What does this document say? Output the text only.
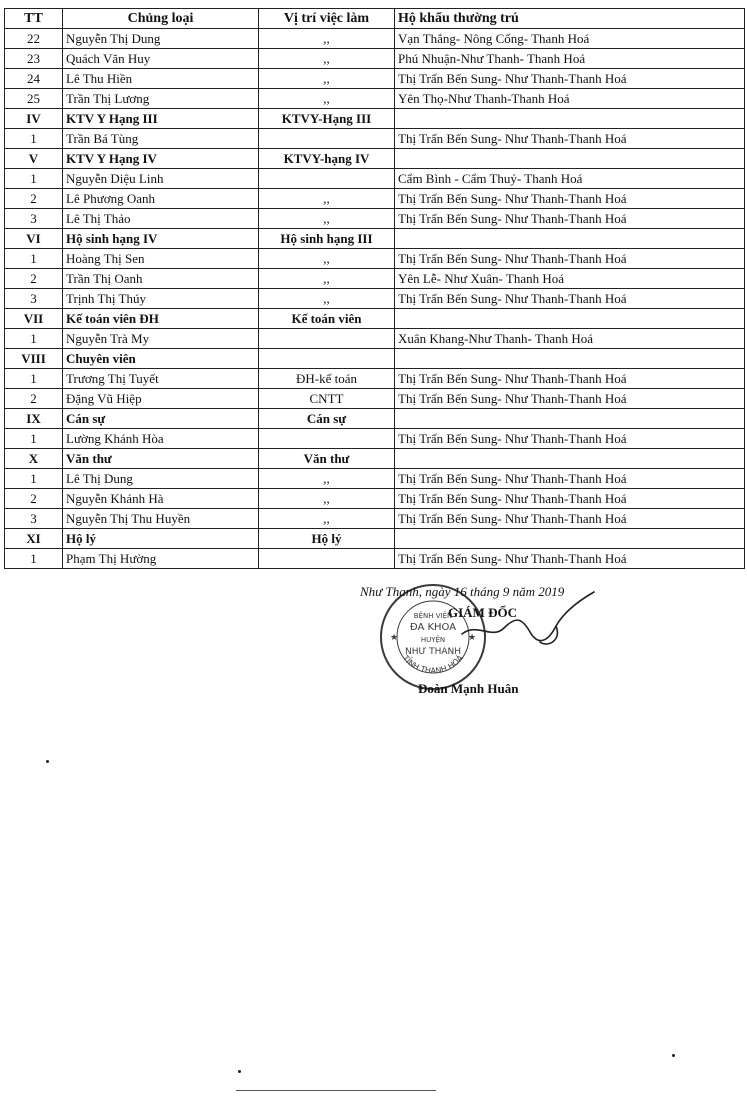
TT	Chủng loại	Vị trí việc làm	Hộ khẩu thường trú
22	Nguyễn Thị Dung	,,	Vạn Thắng- Nông Cống- Thanh Hoá
23	Quách Văn Huy	,,	Phú Nhuận-Như Thanh- Thanh Hoá
24	Lê Thu Hiền	,,	Thị Trấn Bến Sung- Như Thanh-Thanh Hoá
25	Trần Thị Lương	,,	Yên Thọ-Như Thanh-Thanh Hoá
IV	KTV Y Hạng III	KTVY-Hạng III	
1	Trần Bá Tùng		Thị Trấn Bến Sung- Như Thanh-Thanh Hoá
V	KTV Y Hạng IV	KTVY-hạng IV	
1	Nguyễn Diệu Linh		Cẩm Bình - Cẩm Thuỷ- Thanh Hoá
2	Lê Phương Oanh	,,	Thị Trấn Bến Sung- Như Thanh-Thanh Hoá
3	Lê Thị Thảo	,,	Thị Trấn Bến Sung- Như Thanh-Thanh Hoá
VI	Hộ sinh hạng IV	Hộ sinh hạng III	
1	Hoàng Thị Sen	,,	Thị Trấn Bến Sung- Như Thanh-Thanh Hoá
2	Trần Thị Oanh	,,	Yên Lễ- Như Xuân- Thanh Hoá
3	Trịnh Thị Thúy	,,	Thị Trấn Bến Sung- Như Thanh-Thanh Hoá
VII	Kế toán viên ĐH	Kế toán viên	
1	Nguyễn Trà My		Xuân Khang-Như Thanh- Thanh Hoá
VIII	Chuyên viên		
1	Trương Thị Tuyết	ĐH-kế toán	Thị Trấn Bến Sung- Như Thanh-Thanh Hoá
2	Đặng Vũ Hiệp	CNTT	Thị Trấn Bến Sung- Như Thanh-Thanh Hoá
IX	Cán sự	Cán sự	
1	Lường Khánh Hòa		Thị Trấn Bến Sung- Như Thanh-Thanh Hoá
X	Văn thư	Văn thư	
1	Lê Thị Dung	,,	Thị Trấn Bến Sung- Như Thanh-Thanh Hoá
2	Nguyễn Khánh Hà	,,	Thị Trấn Bến Sung- Như Thanh-Thanh Hoá
3	Nguyễn Thị Thu Huyền	,,	Thị Trấn Bến Sung- Như Thanh-Thanh Hoá
XI	Hộ lý	Hộ lý	
1	Phạm Thị Hường		Thị Trấn Bến Sung- Như Thanh-Thanh Hoá
★	★
BỆNH VIỆN
ĐA KHOA
HUYỆN
NHƯ THANH
TỈNH THANH HOÁ
Như Thanh, ngày 16 tháng 9 năm 2019
GIÁM ĐỐC
Đoàn Mạnh Huân
